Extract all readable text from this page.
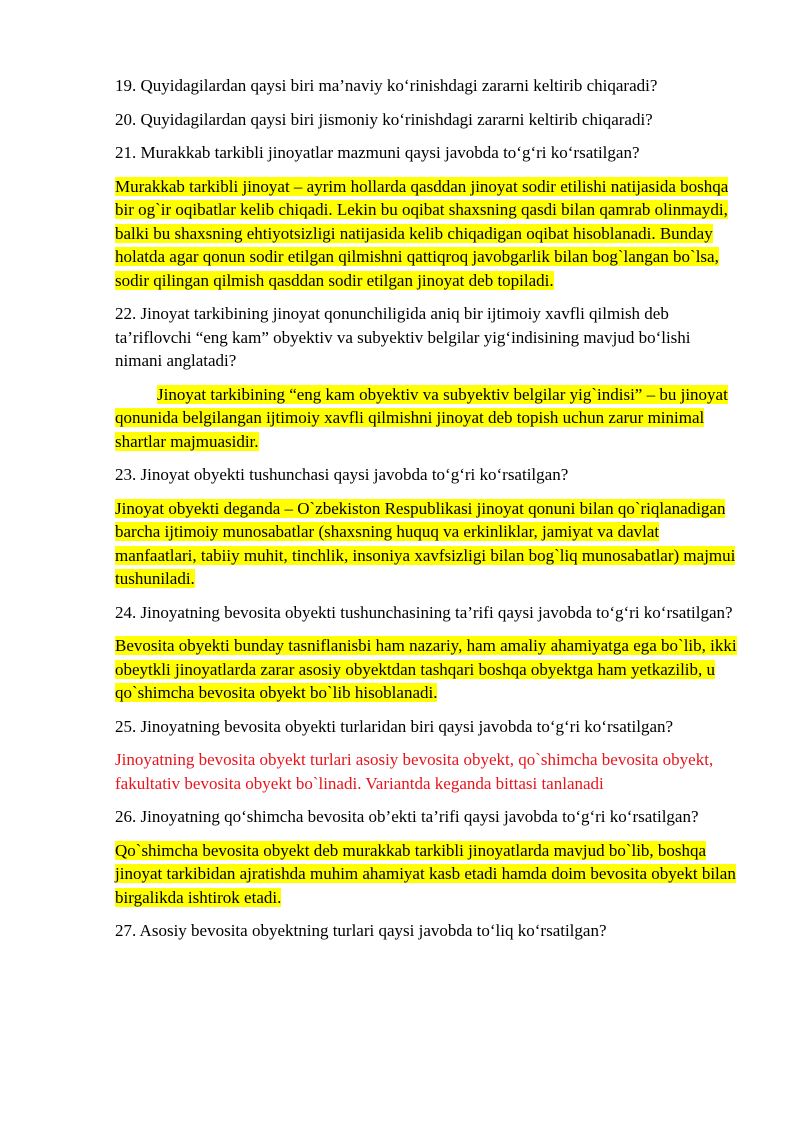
19. Quyidagilardan qaysi biri ma’naviy ko‘rinishdagi zararni keltirib chiqaradi?

20. Quyidagilardan qaysi biri jismoniy ko‘rinishdagi zararni keltirib chiqaradi?

21. Murakkab tarkibli jinoyatlar mazmuni qaysi javobda to‘g‘ri ko‘rsatilgan?

Murakkab tarkibli jinoyat – ayrim hollarda qasddan jinoyat sodir etilishi natijasida boshqa bir og`ir oqibatlar kelib chiqadi. Lekin bu oqibat shaxsning qasdi bilan qamrab olinmaydi, balki bu shaxsning ehtiyotsizligi natijasida kelib chiqadigan oqibat hisoblanadi. Bunday holatda agar qonun sodir etilgan qilmishni qattiqroq javobgarlik bilan bog`langan bo`lsa, sodir qilingan qilmish qasddan sodir etilgan jinoyat deb topiladi.

22. Jinoyat tarkibining jinoyat qonunchiligida aniq bir ijtimoiy xavfli qilmish deb ta’riflovchi “eng kam” obyektiv va subyektiv belgilar yig‘indisining mavjud bo‘lishi nimani anglatadi?

Jinoyat tarkibining “eng kam obyektiv va subyektiv belgilar yig`indisi” – bu jinoyat qonunida belgilangan ijtimoiy xavfli qilmishni jinoyat deb topish uchun zarur minimal shartlar majmuasidir.

23. Jinoyat obyekti tushunchasi qaysi javobda to‘g‘ri ko‘rsatilgan?

Jinoyat obyekti deganda – O`zbekiston Respublikasi jinoyat qonuni bilan qo`riqlanadigan barcha ijtimoiy munosabatlar (shaxsning huquq va erkinliklar, jamiyat va davlat manfaatlari, tabiiy muhit, tinchlik, insoniya xavfsizligi bilan bog`liq munosabatlar) majmui tushuniladi.

24. Jinoyatning bevosita obyekti tushunchasining ta’rifi qaysi javobda to‘g‘ri ko‘rsatilgan?

Bevosita obyekti bunday tasniflanisbi ham nazariy, ham amaliy ahamiyatga ega bo`lib, ikki obeytkli jinoyatlarda zarar asosiy obyektdan tashqari boshqa obyektga ham yetkazilib, u qo`shimcha bevosita obyekt bo`lib hisoblanadi.

25. Jinoyatning bevosita obyekti turlaridan biri qaysi javobda to‘g‘ri ko‘rsatilgan?

Jinoyatning bevosita obyekt turlari asosiy bevosita obyekt, qo`shimcha bevosita obyekt, fakultativ bevosita obyekt bo`linadi. Variantda keganda bittasi tanlanadi

26. Jinoyatning qo‘shimcha bevosita ob’ekti ta’rifi qaysi javobda to‘g‘ri ko‘rsatilgan?

Qo`shimcha bevosita obyekt deb murakkab tarkibli jinoyatlarda mavjud bo`lib, boshqa jinoyat tarkibidan ajratishda muhim ahamiyat kasb etadi hamda doim bevosita obyekt bilan birgalikda ishtirok etadi.

27. Asosiy bevosita obyektning turlari qaysi javobda to‘liq ko‘rsatilgan?
